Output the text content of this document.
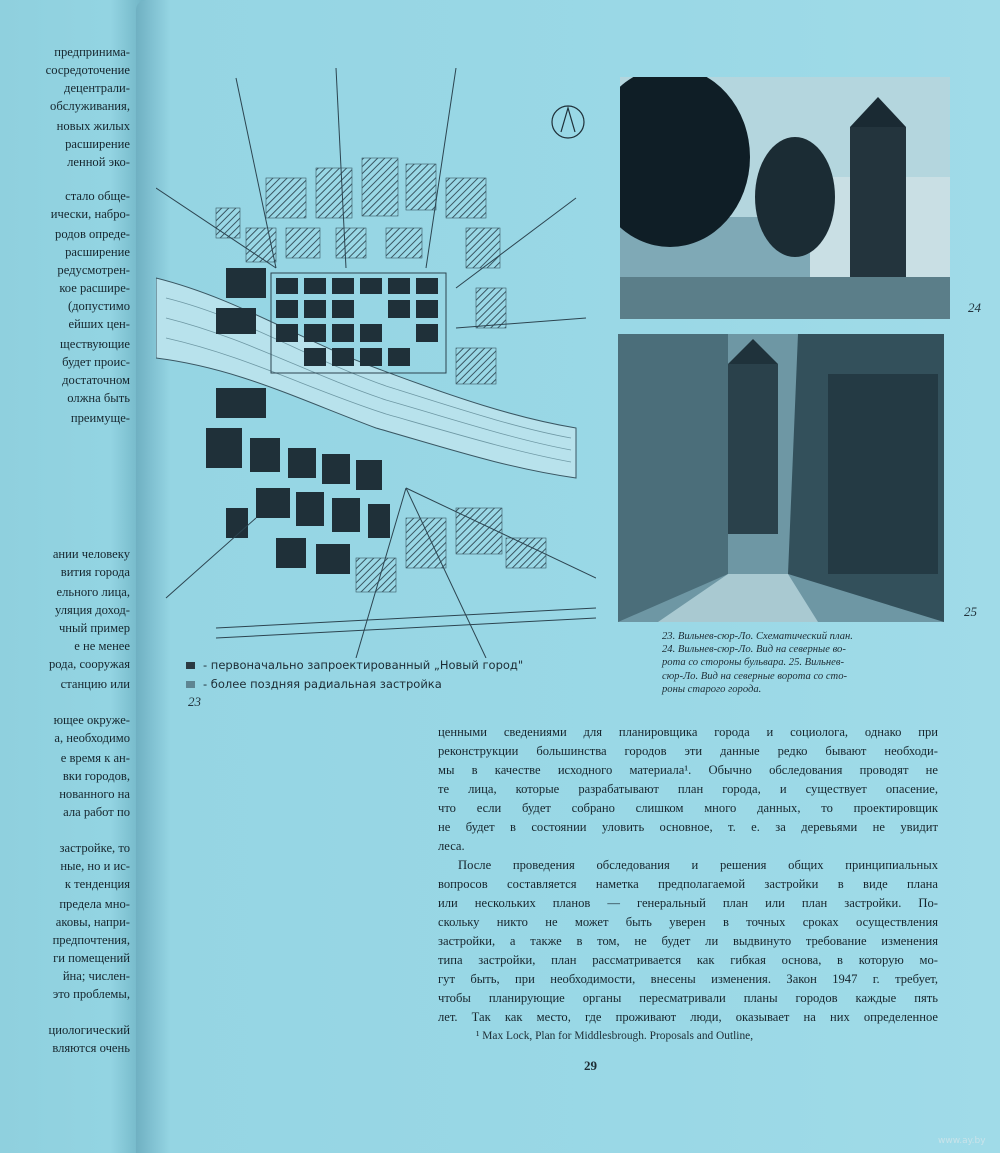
предпринима-
сосредоточение
децентрали-
обслуживания,
новых жилых
расширение
ленной эко-
стало обще-
ически, набро-
родов опреде-
расширение
редусмотрен-
кое расшире-
(допустимо
ейших цен-
ществующие
будет проис-
достаточном
олжна быть
преимуще-
ании человеку
вития города
ельного лица,
уляция доход-
чный пример
е не менее
рода, сооружая
станцию или
ющее окруже-
а, необходимо
е время к ан-
вки городов,
нованного на
ала работ по
застройке, то
ные, но и ис-
к тенденция
предела мно-
аковы, напри-
предпочтения,
ги помещений
йна; числен-
это проблемы,
циологический
вляются очень
23
- первоначально запроектированный „Новый город"
- более поздняя радиальная застройка
24
25
23. Вильнев-сюр-Ло. Схематический план.
24. Вильнев-сюр-Ло. Вид на северные во-
рота со стороны бульвара. 25. Вильнев-
сюр-Ло. Вид на северные ворота со сто-
роны старого города.
ценными сведениями для планировщика города и социолога, однако при
реконструкции большинства городов эти данные редко бывают необходи-
мы в качестве исходного материала¹. Обычно обследования проводят не
те лица, которые разрабатывают план города, и существует опасение,
что если будет собрано слишком много данных, то проектировщик
не будет в состоянии уловить основное, т. е. за деревьями не увидит
леса.
После проведения обследования и решения общих принципиальных
вопросов составляется наметка предполагаемой застройки в виде плана
или нескольких планов — генеральный план или план застройки. По-
скольку никто не может быть уверен в точных сроках осуществления
застройки, а также в том, не будет ли выдвинуто требование изменения
типа застройки, план рассматривается как гибкая основа, в которую мо-
гут быть, при необходимости, внесены изменения. Закон 1947 г. требует,
чтобы планирующие органы пересматривали планы городов каждые пять
лет. Так как место, где проживают люди, оказывает на них определенное
¹ Max Lock, Plan for Middlesbrough. Proposals and Outline,
29
www.ay.by
